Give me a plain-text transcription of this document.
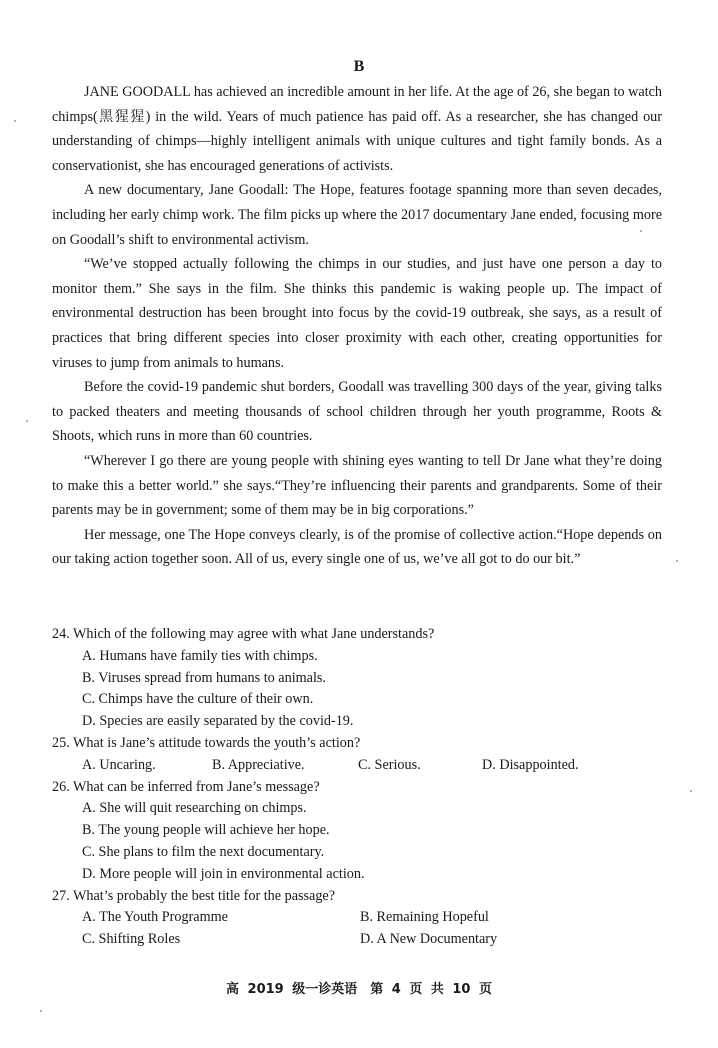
B

JANE GOODALL has achieved an incredible amount in her life. At the age of 26, she began to watch chimps(黑猩猩) in the wild. Years of much patience has paid off. As a researcher, she has changed our understanding of chimps—highly intelligent animals with unique cultures and tight family bonds. As a conservationist, she has encouraged generations of activists.

A new documentary, Jane Goodall: The Hope, features footage spanning more than seven decades, including her early chimp work. The film picks up where the 2017 documentary Jane ended, focusing more on Goodall’s shift to environmental activism.

“We’ve stopped actually following the chimps in our studies, and just have one person a day to monitor them.” She says in the film. She thinks this pandemic is waking people up. The impact of environmental destruction has been brought into focus by the covid-19 outbreak, she says, as a result of practices that bring different species into closer proximity with each other, creating opportunities for viruses to jump from animals to humans.

Before the covid-19 pandemic shut borders, Goodall was travelling 300 days of the year, giving talks to packed theaters and meeting thousands of school children through her youth programme, Roots & Shoots, which runs in more than 60 countries.

“Wherever I go there are young people with shining eyes wanting to tell Dr Jane what they’re doing to make this a better world.” she says.“They’re influencing their parents and grandparents. Some of their parents may be in government; some of them may be in big corporations.”

Her message, one The Hope conveys clearly, is of the promise of collective action.“Hope depends on our taking action together soon. All of us, every single one of us, we’ve all got to do our bit.”

24. Which of the following may agree with what Jane understands?

A. Humans have family ties with chimps.

B. Viruses spread from humans to animals.

C. Chimps have the culture of their own.

D. Species are easily separated by the covid-19.

25. What is Jane’s attitude towards the youth’s action?

A. Uncaring.	B. Appreciative.	C. Serious.	D. Disappointed.

26. What can be inferred from Jane’s message?

A. She will quit researching on chimps.

B. The young people will achieve her hope.

C. She plans to film the next documentary.

D. More people will join in environmental action.

27. What’s probably the best title for the passage?

A. The Youth Programme	B. Remaining Hopeful
C. Shifting Roles	D. A New Documentary
高 2019 级一诊英语　第 4 页 共 10 页
